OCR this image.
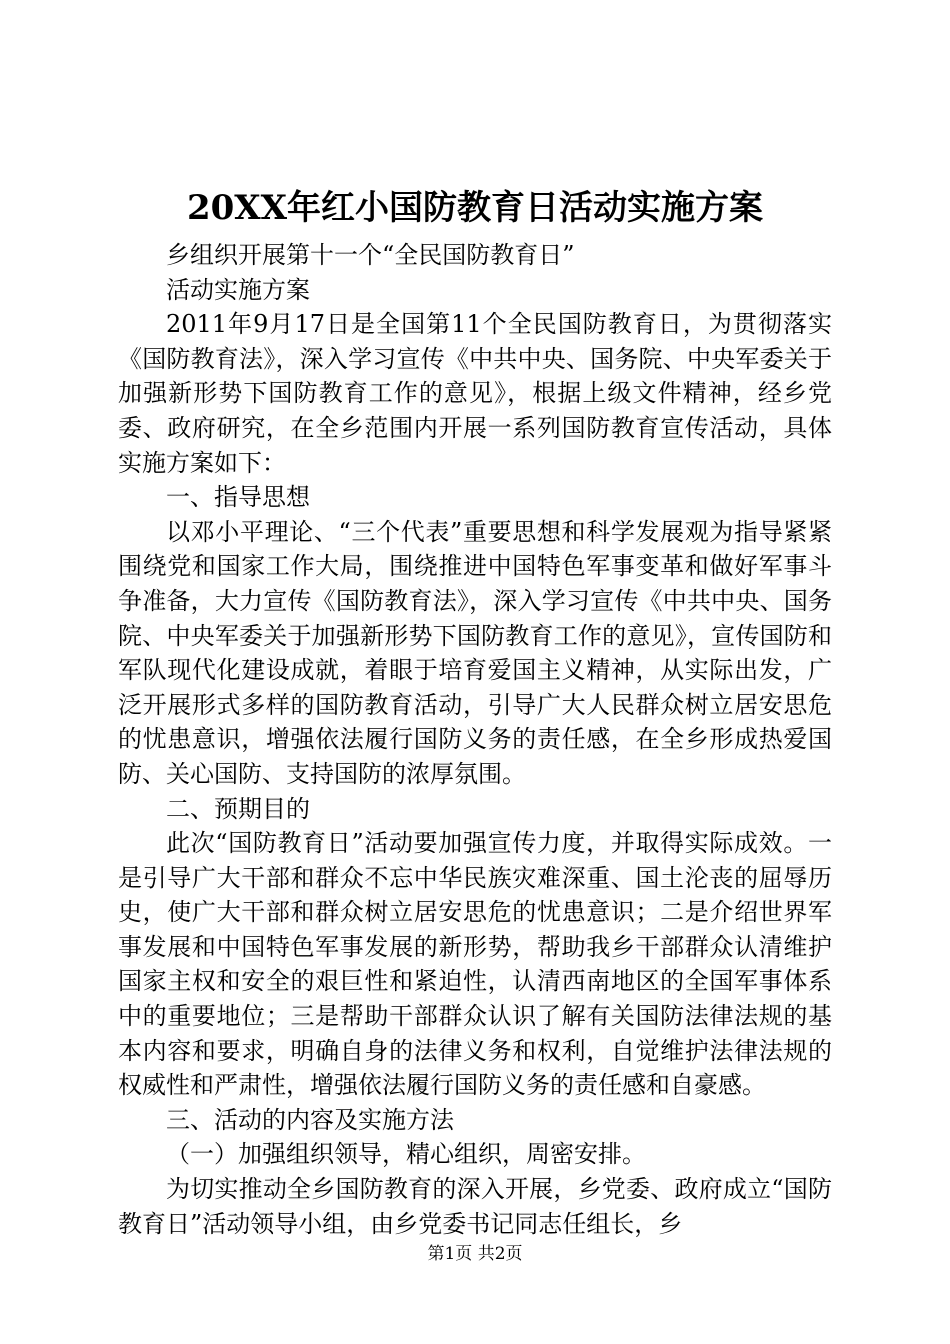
20XX年红小国防教育日活动实施方案

乡组织开展第十一个“全民国防教育日”

活动实施方案

2011年9月17日是全国第11个全民国防教育日，为贯彻落实《国防教育法》，深入学习宣传《中共中央、国务院、中央军委关于加强新形势下国防教育工作的意见》，根据上级文件精神，经乡党委、政府研究，在全乡范围内开展一系列国防教育宣传活动，具体实施方案如下：

一、指导思想

以邓小平理论、“三个代表”重要思想和科学发展观为指导紧紧围绕党和国家工作大局，围绕推进中国特色军事变革和做好军事斗争准备，大力宣传《国防教育法》，深入学习宣传《中共中央、国务院、中央军委关于加强新形势下国防教育工作的意见》，宣传国防和军队现代化建设成就，着眼于培育爱国主义精神，从实际出发，广泛开展形式多样的国防教育活动，引导广大人民群众树立居安思危的忧患意识，增强依法履行国防义务的责任感，在全乡形成热爱国防、关心国防、支持国防的浓厚氛围。

二、预期目的

此次“国防教育日”活动要加强宣传力度，并取得实际成效。一是引导广大干部和群众不忘中华民族灾难深重、国土沦丧的屈辱历史，使广大干部和群众树立居安思危的忧患意识；二是介绍世界军事发展和中国特色军事发展的新形势，帮助我乡干部群众认清维护国家主权和安全的艰巨性和紧迫性，认清西南地区的全国军事体系中的重要地位；三是帮助干部群众认识了解有关国防法律法规的基本内容和要求，明确自身的法律义务和权利，自觉维护法律法规的权威性和严肃性，增强依法履行国防义务的责任感和自豪感。

三、活动的内容及实施方法

（一）加强组织领导，精心组织，周密安排。

为切实推动全乡国防教育的深入开展，乡党委、政府成立“国防教育日”活动领导小组，由乡党委书记同志任组长，乡

第1页 共2页
